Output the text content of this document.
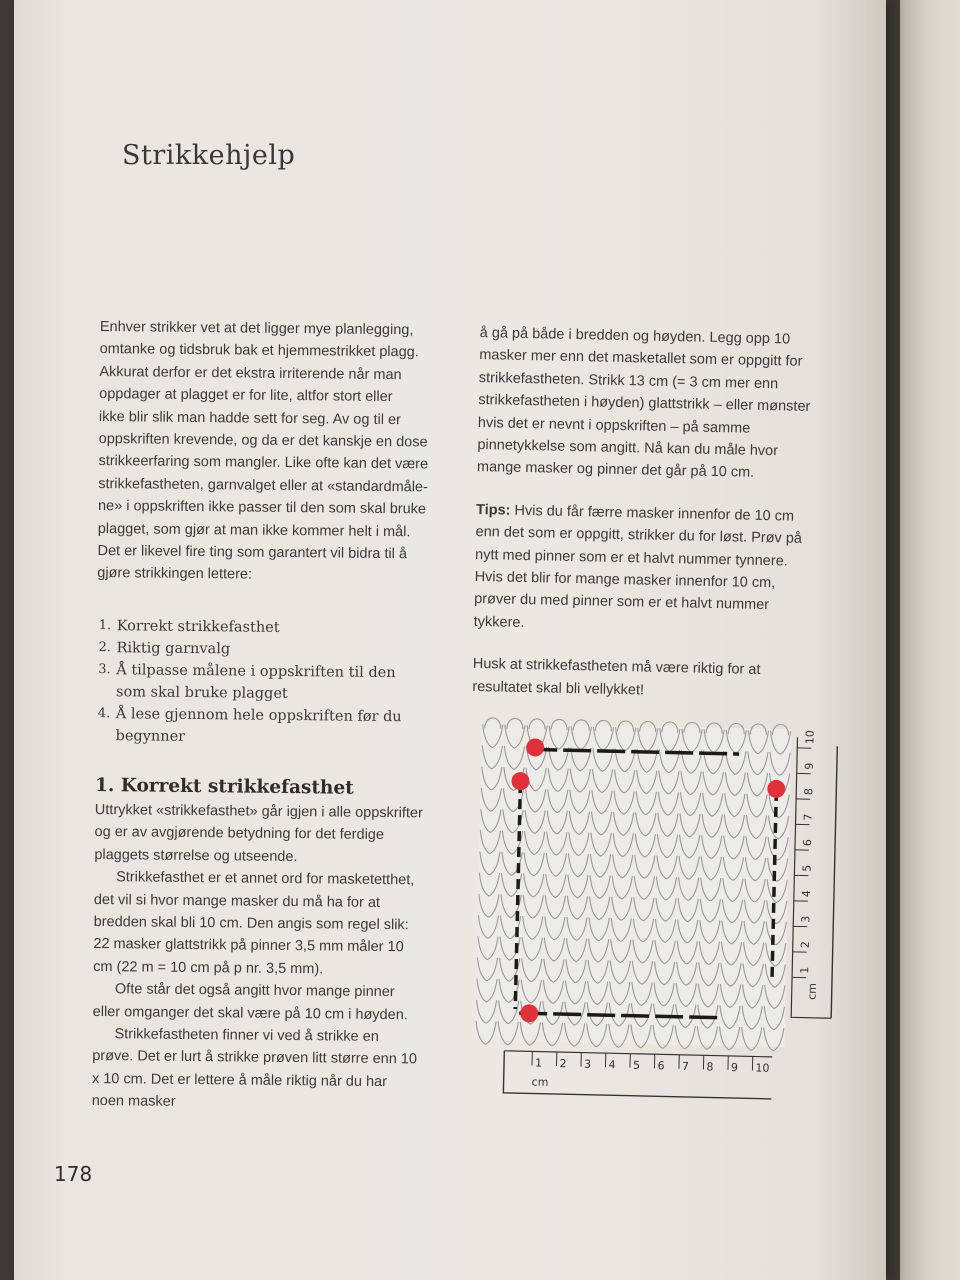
Strikkehjelp

Enhver strikker vet at det ligger mye planlegging,
omtanke og tidsbruk bak et hjemmestrikket plagg.
Akkurat derfor er det ekstra irriterende når man
oppdager at plagget er for lite, altfor stort eller
ikke blir slik man hadde sett for seg. Av og til er
oppskriften krevende, og da er det kanskje en dose
strikkeerfaring som mangler. Like ofte kan det være
strikkefastheten, garnvalget eller at «standardmåle-
ne» i oppskriften ikke passer til den som skal bruke
plagget, som gjør at man ikke kommer helt i mål.
Det er likevel fire ting som garantert vil bidra til å
gjøre strikkingen lettere:

1. Korrekt strikkefasthet
2. Riktig garnvalg
3. Å tilpasse målene i oppskriften til den som skal bruke plagget
4. Å lese gjennom hele oppskriften før du begynner
1. Korrekt strikkefasthet

Uttrykket «strikkefasthet» går igjen i alle oppskrifter og er av avgjørende betydning for det ferdige plaggets størrelse og utseende.

Strikkefasthet er et annet ord for masketetthet, det vil si hvor mange masker du må ha for at bredden skal bli 10 cm. Den angis som regel slik: 22 masker glattstrikk på pinner 3,5 mm måler 10 cm (22 m = 10 cm på p nr. 3,5 mm).

Ofte står det også angitt hvor mange pinner eller omganger det skal være på 10 cm i høyden.

Strikkefastheten finner vi ved å strikke en prøve. Det er lurt å strikke prøven litt større enn 10 x 10 cm. Det er lettere å måle riktig når du har noen masker

å gå på både i bredden og høyden. Legg opp 10 masker mer enn det masketallet som er oppgitt for strikkefastheten. Strikk 13 cm (= 3 cm mer enn strikkefastheten i høyden) glattstrikk – eller mønster hvis det er nevnt i oppskriften – på samme pinnetykkelse som angitt. Nå kan du måle hvor mange masker og pinner det går på 10 cm.

Tips: Hvis du får færre masker innenfor de 10 cm enn det som er oppgitt, strikker du for løst. Prøv på nytt med pinner som er et halvt nummer tynnere. Hvis det blir for mange masker innenfor 10 cm, prøver du med pinner som er et halvt nummer tykkere.

Husk at strikkefastheten må være riktig for at resultatet skal bli vellykket!

1 2 3 4 5 6 7 8 9 10
cm
1
2
3
4
5
6
7
8
9
10
cm
178
